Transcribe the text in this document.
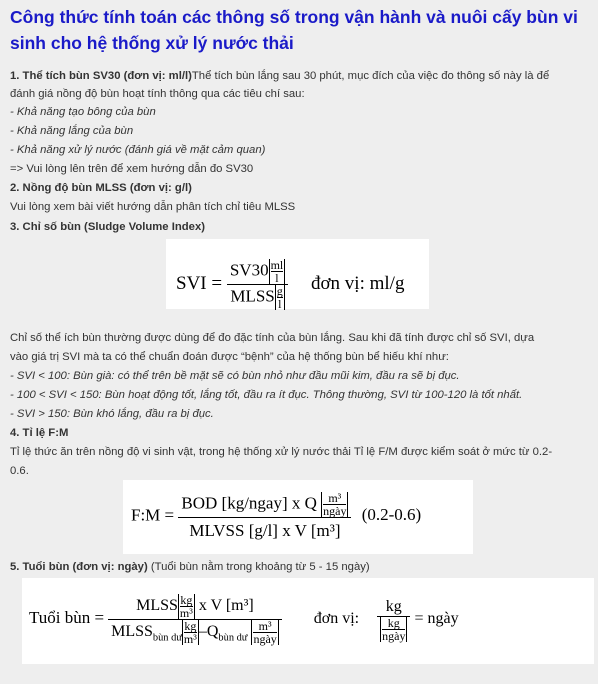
Công thức tính toán các thông số trong vận hành và nuôi cấy bùn vi sinh cho hệ thống xử lý nước thải
1. Thể tích bùn SV30 (đơn vị: ml/l)Thể tích bùn lắng sau 30 phút, mục đích của việc đo thông số này là để
đánh giá nồng độ bùn hoạt tính thông qua các tiêu chí sau:
- Khả năng tạo bông của bùn
- Khả năng lắng của bùn
- Khả năng xử lý nước (đánh giá về mặt cảm quan)
=> Vui lòng lên trên để xem hướng dẫn đo SV30
2. Nồng độ bùn MLSS (đơn vị: g/l)
Vui lòng xem bài viết hướng dẫn phân tích chỉ tiêu MLSS
3. Chỉ số bùn (Sludge Volume Index)
SVI = $\frac{SV30 \frac{ml}{l}}{MLSS \frac{g}{l}}$ đơn vị: ml/g
Chỉ số thể ích bùn thường được dùng để đo đặc tính của bùn lắng. Sau khi đã tính được chỉ số SVI, dựa
vào giá trị SVI mà ta có thể chuẩn đoán được “bệnh” của hệ thống bùn bể hiếu khí như:
- SVI < 100: Bùn già: có thể trên bề mặt sẽ có bùn nhỏ như đầu mũi kim, đầu ra sẽ bị đục.
- 100 < SVI < 150: Bùn hoạt động tốt, lắng tốt, đầu ra ít đục. Thông thường, SVI từ 100-120 là tốt nhất.
- SVI > 150: Bùn khó lắng, đầu ra bị đục.
4. Tỉ lệ F:M
Tỉ lệ thức ăn trên nồng độ vi sinh vật, trong hệ thống xử lý nước thải Tỉ lệ F/M được kiểm soát ở mức từ 0.2-
0.6.
F:M = BOD [kg/ngay] x Q m³
ngày
MLVSS [g/l] x V [m³] (0.2-0.6)
5. Tuổi bùn (đơn vị: ngày) (Tuổi bùn nằm trong khoảng từ 5 - 15 ngày)
Tuổi bùn = MLSS $\frac{kg}{\text{m³}}$ x V [m³]
$MLSS_{bùn dư} \frac{kg}{\text{m³}} -Q_{bùn dư}$
m³
ngày đơn vị: kg
kg
ngày = ngày
